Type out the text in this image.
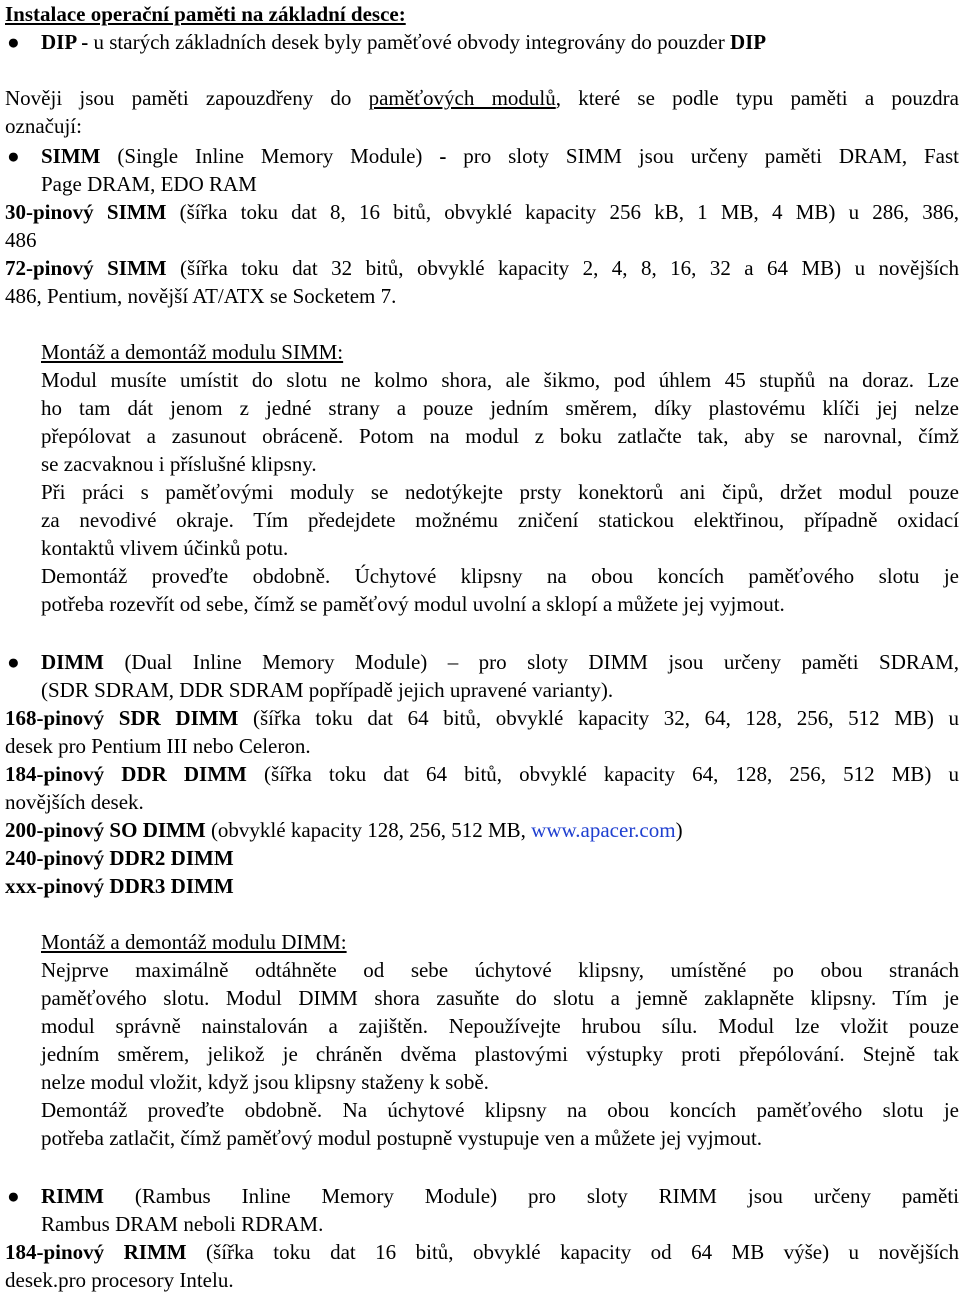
Instalace operační paměti na základní desce:
● DIP - u starých základních desek byly paměťové obvody integrovány do pouzder DIP
Nověji jsou paměti zapouzdřeny do paměťových modulů, které se podle typu paměti a pouzdra
označují:
● SIMM (Single Inline Memory Module) - pro sloty SIMM jsou určeny paměti DRAM, Fast
Page DRAM, EDO RAM
30-pinový SIMM (šířka toku dat 8, 16 bitů, obvyklé kapacity 256 kB, 1 MB, 4 MB) u 286, 386,
486
72-pinový SIMM (šířka toku dat 32 bitů, obvyklé kapacity 2, 4, 8, 16, 32 a 64 MB) u novějších
486, Pentium, novější AT/ATX se Socketem 7.
Montáž a demontáž modulu SIMM:
Modul musíte umístit do slotu ne kolmo shora, ale šikmo, pod úhlem 45 stupňů na doraz. Lze
ho tam dát jenom z jedné strany a pouze jedním směrem, díky plastovému klíči jej nelze
přepólovat a zasunout obráceně. Potom na modul z boku zatlačte tak, aby se narovnal, čímž
se zacvaknou i příslušné klipsny.
Při práci s paměťovými moduly se nedotýkejte prsty konektorů ani čipů, držet modul pouze
za nevodivé okraje. Tím předejdete možnému zničení statickou elektřinou, případně oxidací
kontaktů vlivem účinků potu.
Demontáž proveďte obdobně. Úchytové klipsny na obou koncích paměťového slotu je
potřeba rozevřít od sebe, čímž se paměťový modul uvolní a sklopí a můžete jej vyjmout.
● DIMM (Dual Inline Memory Module) – pro sloty DIMM jsou určeny paměti SDRAM,
(SDR SDRAM, DDR SDRAM popřípadě jejich upravené varianty).
168-pinový SDR DIMM (šířka toku dat 64 bitů, obvyklé kapacity 32, 64, 128, 256, 512 MB) u
desek pro Pentium III nebo Celeron.
184-pinový DDR DIMM (šířka toku dat 64 bitů, obvyklé kapacity 64, 128, 256, 512 MB) u
novějších desek.
200-pinový SO DIMM (obvyklé kapacity 128, 256, 512 MB, www.apacer.com)
240-pinový DDR2 DIMM
xxx-pinový DDR3 DIMM
Montáž a demontáž modulu DIMM:
Nejprve maximálně odtáhněte od sebe úchytové klipsny, umístěné po obou stranách
paměťového slotu. Modul DIMM shora zasuňte do slotu a jemně zaklapněte klipsny. Tím je
modul správně nainstalován a zajištěn. Nepoužívejte hrubou sílu. Modul lze vložit pouze
jedním směrem, jelikož je chráněn dvěma plastovými výstupky proti přepólování. Stejně tak
nelze modul vložit, když jsou klipsny staženy k sobě.
Demontáž proveďte obdobně. Na úchytové klipsny na obou koncích paměťového slotu je
potřeba zatlačit, čímž paměťový modul postupně vystupuje ven a můžete jej vyjmout.
● RIMM (Rambus Inline Memory Module) pro sloty RIMM jsou určeny paměti
Rambus DRAM neboli RDRAM.
184-pinový RIMM (šířka toku dat 16 bitů, obvyklé kapacity od 64 MB výše) u novějších
desek.pro procesory Intelu.
